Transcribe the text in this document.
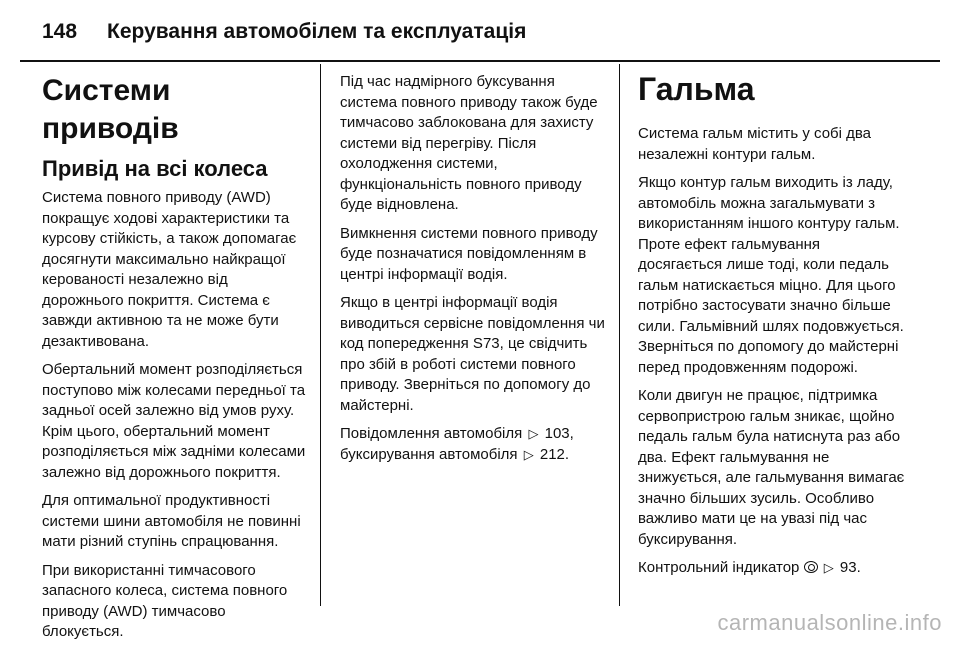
148 Керування автомобілем та експлуатація
Системи приводів
Привід на всі колеса

Система повного приводу (AWD) покращує ходові характеристики та курсову стійкість, а також допомагає досягнути максимально найкращої керованості незалежно від дорожнього покриття. Система є завжди активною та не може бути дезактивована.

Обертальний момент розподіляється поступово між колесами передньої та задньої осей залежно від умов руху. Крім цього, обертальний момент розподіляється між задніми колесами залежно від дорожнього покриття.

Для оптимальної продуктивності системи шини автомобіля не повинні мати різний ступінь спрацювання.

При використанні тимчасового запасного колеса, система повного приводу (AWD) тимчасово блокується.

Під час надмірного буксування система повного приводу також буде тимчасово заблокована для захисту системи від перегріву. Після охолодження системи, функціональність повного приводу буде відновлена.

Вимкнення системи повного приводу буде позначатися повідомленням в центрі інформації водія.

Якщо в центрі інформації водія виводиться сервісне повідомлення чи код попередження S73, це свідчить про збій в роботі системи повного приводу. Зверніться по допомогу до майстерні.

Повідомлення автомобіля ▷ 103, буксирування автомобіля ▷ 212.

Гальма

Система гальм містить у собі два незалежні контури гальм.

Якщо контур гальм виходить із ладу, автомобіль можна загальмувати з використанням іншого контуру гальм. Проте ефект гальмування досягається лише тоді, коли педаль гальм натискається міцно. Для цього потрібно застосувати значно більше сили. Гальмівний шлях подовжується. Зверніться по допомогу до майстерні перед продовженням подорожі.

Коли двигун не працює, підтримка сервопристрою гальм зникає, щойно педаль гальм була натиснута раз або два. Ефект гальмування не знижується, але гальмування вимагає значно більших зусиль. Особливо важливо мати це на увазі під час буксирування.

Контрольний індикатор ▷ 93.

carmanualsonline.info
